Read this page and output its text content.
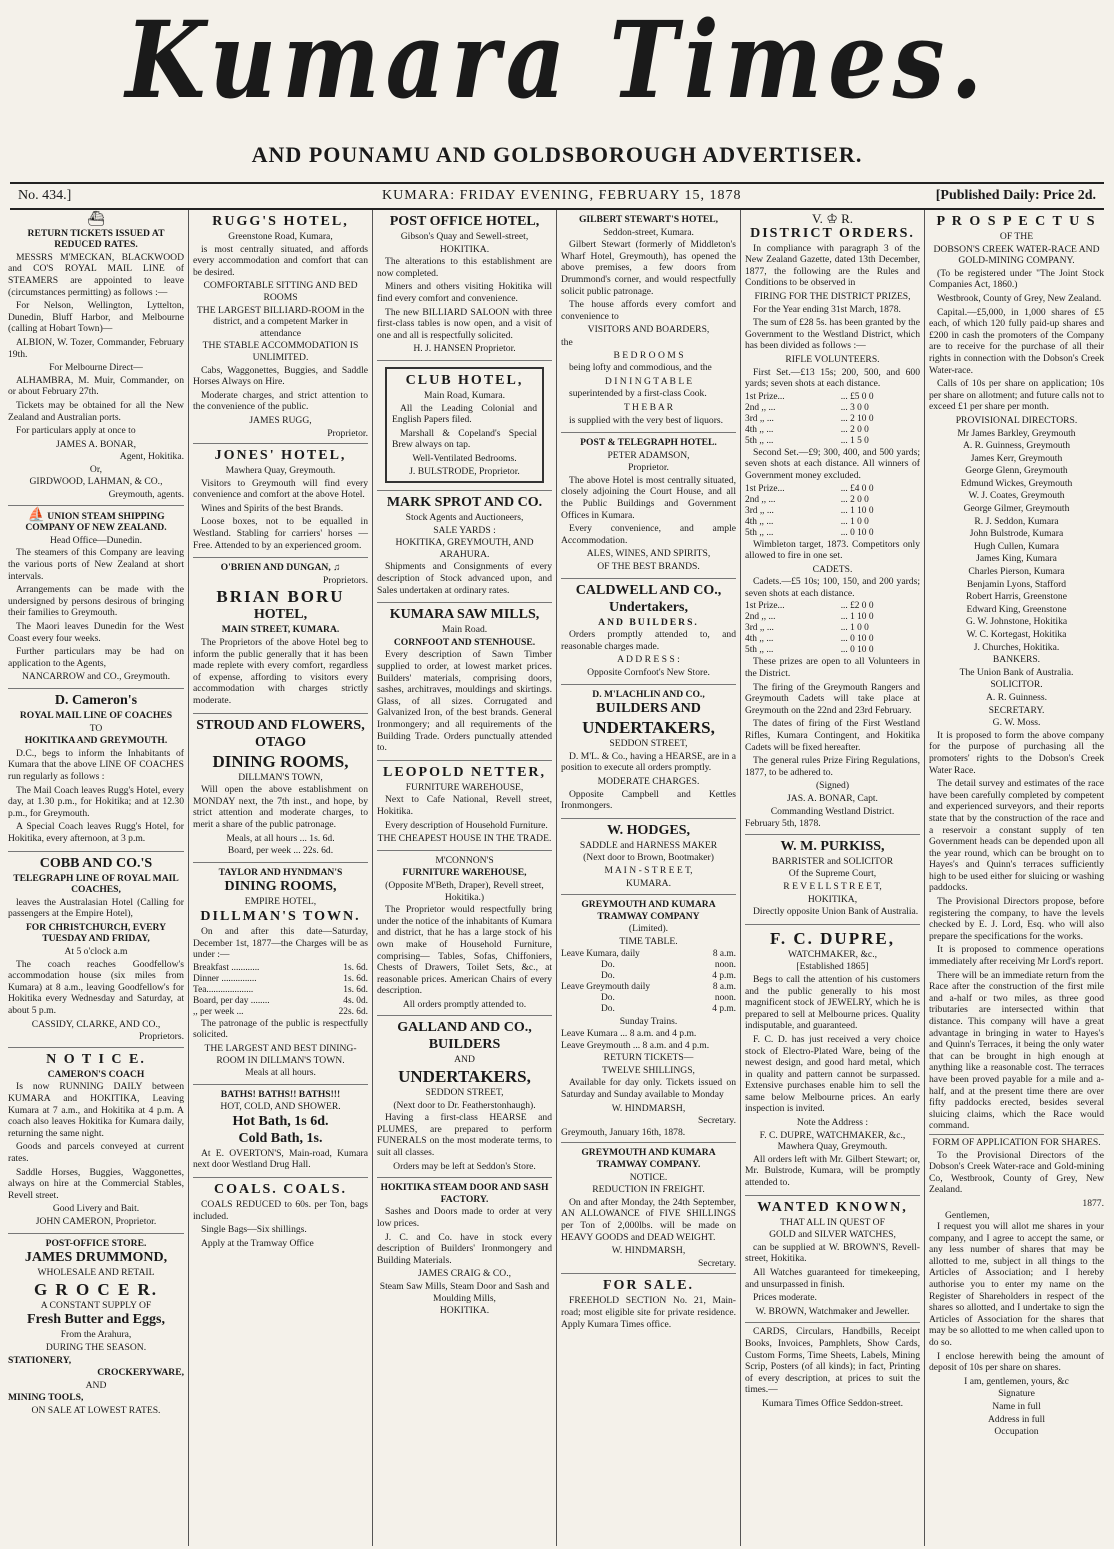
Kumara Times.
AND POUNAMU AND GOLDSBOROUGH ADVERTISER.
No. 434.]	KUMARA: FRIDAY EVENING, FEBRUARY 15, 1878	[Published Daily: Price 2d.
⛴
RETURN TICKETS ISSUED AT REDUCED RATES.

MESSRS M'MECKAN, BLACKWOOD and CO'S ROYAL MAIL LINE of STEAMERS are appointed to leave (circumstances permitting) as follows :—

For Nelson, Wellington, Lyttelton, Dunedin, Bluff Harbor, and Melbourne (calling at Hobart Town)—

ALBION, W. Tozer, Commander, February 19th.

For Melbourne Direct—

ALHAMBRA, M. Muir, Commander, on or about February 27th.

Tickets may be obtained for all the New Zealand and Australian ports.

For particulars apply at once to

JAMES A. BONAR,
Agent, Hokitika.
Or,
GIRDWOOD, LAHMAN, & CO.,
Greymouth, agents.
⛵ UNION STEAM SHIPPING COMPANY OF NEW ZEALAND.
Head Office—Dunedin.

The steamers of this Company are leaving the various ports of New Zealand at short intervals.

Arrangements can be made with the undersigned by persons desirous of bringing their families to Greymouth.

The Maori leaves Dunedin for the West Coast every four weeks.

Further particulars may be had on application to the Agents,

NANCARROW and CO., Greymouth.
D. Cameron's
ROYAL MAIL LINE OF COACHES
TO
HOKITIKA AND GREYMOUTH.

D.C., begs to inform the Inhabitants of Kumara that the above LINE OF COACHES run regularly as follows :

The Mail Coach leaves Rugg's Hotel, every day, at 1.30 p.m., for Hokitika; and at 12.30 p.m., for Greymouth.

A Special Coach leaves Rugg's Hotel, for Hokitika, every afternoon, at 3 p.m.

COBB AND CO.'S
TELEGRAPH LINE OF ROYAL MAIL COACHES,

leaves the Australasian Hotel (Calling for passengers at the Empire Hotel),

FOR CHRISTCHURCH, EVERY TUESDAY AND FRIDAY,
At 5 o'clock a.m

The coach reaches Goodfellow's accommodation house (six miles from Kumara) at 8 a.m., leaving Goodfellow's for Hokitika every Wednesday and Saturday, at about 5 p.m.

CASSIDY, CLARKE, AND CO.,
Proprietors.
N O T I C E.
CAMERON'S COACH

Is now RUNNING DAILY between KUMARA and HOKITIKA, Leaving Kumara at 7 a.m., and Hokitika at 4 p.m. A coach also leaves Hokitika for Kumara daily, returning the same night.

Goods and parcels conveyed at current rates.

Saddle Horses, Buggies, Waggonettes, always on hire at the Commercial Stables, Revell street.

Good Livery and Bait.
JOHN CAMERON, Proprietor.
POST-OFFICE STORE.
JAMES DRUMMOND,
WHOLESALE AND RETAIL
G R O C E R.
A CONSTANT SUPPLY OF
Fresh Butter and Eggs,
From the Arahura,
DURING THE SEASON.
STATIONERY,
CROCKERYWARE,
AND
MINING TOOLS,
ON SALE AT LOWEST RATES.
RUGG'S HOTEL,
Greenstone Road, Kumara,

is most centrally situated, and affords every accommodation and comfort that can be desired.

COMFORTABLE SITTING AND BED ROOMS
THE LARGEST BILLIARD-ROOM in the district, and a competent Marker in attendance
THE STABLE ACCOMMODATION IS UNLIMITED.

Cabs, Waggonettes, Buggies, and Saddle Horses Always on Hire.

Moderate charges, and strict attention to the convenience of the public.

JAMES RUGG,
Proprietor.
JONES' HOTEL,
Mawhera Quay, Greymouth.

Visitors to Greymouth will find every convenience and comfort at the above Hotel.

Wines and Spirits of the best Brands.

Loose boxes, not to be equalled in Westland. Stabling for carriers' horses —Free. Attended to by an experienced groom.

O'BRIEN AND DUNGAN, ♫
Proprietors.
BRIAN BORU
HOTEL,
MAIN STREET, KUMARA.

The Proprietors of the above Hotel beg to inform the public generally that it has been made replete with every comfort, regardless of expense, affording to visitors every accommodation with charges strictly moderate.

STROUD AND FLOWERS,
OTAGO
DINING ROOMS,
DILLMAN'S TOWN,

Will open the above establishment on MONDAY next, the 7th inst., and hope, by strict attention and moderate charges, to merit a share of the public patronage.

Meals, at all hours ... 1s. 6d.
Board, per week ... 22s. 6d.
TAYLOR AND HYNDMAN'S
DINING ROOMS,
EMPIRE HOTEL,
DILLMAN'S TOWN.

On and after this date—Saturday, December 1st, 1877—the Charges will be as under :—

Breakfast ............	1s. 6d.
Dinner ...............	1s. 6d.
Tea....................	1s. 6d.
Board, per day ........	4s. 0d.
,, per week ...	22s. 6d.

The patronage of the public is respectfully solicited.

THE LARGEST AND BEST DINING-ROOM IN DILLMAN'S TOWN.
Meals at all hours.
BATHS! BATHS!! BATHS!!!
HOT, COLD, AND SHOWER.
Hot Bath, 1s 6d.
Cold Bath, 1s.

At E. OVERTON'S, Main-road, Kumara next door Westland Drug Hall.

COALS. COALS.

COALS REDUCED to 60s. per Ton, bags included.

Single Bags—Six shillings.

Apply at the Tramway Office

POST OFFICE HOTEL,
Gibson's Quay and Sewell-street,
HOKITIKA.

The alterations to this establishment are now completed.

Miners and others visiting Hokitika will find every comfort and convenience.

The new BILLIARD SALOON with three first-class tables is now open, and a visit of one and all is respectfully solicited.

H. J. HANSEN Proprietor.
CLUB HOTEL,
Main Road, Kumara.

All the Leading Colonial and English Papers filed.

Marshall & Copeland's Special Brew always on tap.

Well-Ventilated Bedrooms.
J. BULSTRODE, Proprietor.
MARK SPROT AND CO.
Stock Agents and Auctioneers,
SALE YARDS :
HOKITIKA, GREYMOUTH, AND ARAHURA.

Shipments and Consignments of every description of Stock advanced upon, and Sales undertaken at ordinary rates.

KUMARA SAW MILLS,
Main Road.
CORNFOOT AND STENHOUSE.

Every description of Sawn Timber supplied to order, at lowest market prices. Builders' materials, comprising doors, sashes, architraves, mouldings and skirtings. Glass, of all sizes. Corrugated and Galvanized Iron, of the best brands. General Ironmongery; and all requirements of the Building Trade. Orders punctually attended to.

LEOPOLD NETTER,
FURNITURE WAREHOUSE,

Next to Cafe National, Revell street, Hokitika.

Every description of Household Furniture.

THE CHEAPEST HOUSE IN THE TRADE.
M'CONNON'S
FURNITURE WAREHOUSE,
(Opposite M'Beth, Draper), Revell street, Hokitika.)

The Proprietor would respectfully bring under the notice of the inhabitants of Kumara and district, that he has a large stock of his own make of Household Furniture, comprising— Tables, Sofas, Chiffoniers, Chests of Drawers, Toilet Sets, &c., at reasonable prices. American Chairs of every description.

All orders promptly attended to.
GALLAND AND CO.,
BUILDERS
AND
UNDERTAKERS,
SEDDON STREET,
(Next door to Dr. Featherstonhaugh).

Having a first-class HEARSE and PLUMES, are prepared to perform FUNERALS on the most moderate terms, to suit all classes.

Orders may be left at Seddon's Store.
HOKITIKA STEAM DOOR AND SASH FACTORY.

Sashes and Doors made to order at very low prices.

J. C. and Co. have in stock every description of Builders' Ironmongery and Building Materials.

JAMES CRAIG & CO.,
Steam Saw Mills, Steam Door and Sash and Moulding Mills,
HOKITIKA.
GILBERT STEWART'S HOTEL,
Seddon-street, Kumara.

Gilbert Stewart (formerly of Middleton's Wharf Hotel, Greymouth), has opened the above premises, a few doors from Drummond's corner, and would respectfully solicit public patronage.

The house affords every comfort and convenience to

VISITORS AND BOARDERS,
the
B E D R O O M S

being lofty and commodious, and the

D I N I N G T A B L E

superintended by a first-class Cook.

T H E B A R

is supplied with the very best of liquors.

POST & TELEGRAPH HOTEL.
PETER ADAMSON,
Proprietor.

The above Hotel is most centrally situated, closely adjoining the Court House, and all the Public Buildings and Government Offices in Kumara.

Every convenience, and ample Accommodation.

ALES, WINES, AND SPIRITS,
OF THE BEST BRANDS.
CALDWELL AND CO.,
Undertakers,
AND BUILDERS.

Orders promptly attended to, and reasonable charges made.

A D D R E S S :
Opposite Cornfoot's New Store.
D. M'LACHLIN AND CO.,
BUILDERS AND
UNDERTAKERS,
SEDDON STREET,

D. M'L. & Co., having a HEARSE, are in a position to execute all orders promptly.

MODERATE CHARGES.

Opposite Campbell and Kettles Ironmongers.

W. HODGES,
SADDLE and HARNESS MAKER
(Next door to Brown, Bootmaker)
M A I N - S T R E E T,
KUMARA.
GREYMOUTH AND KUMARA TRAMWAY COMPANY
(Limited).
TIME TABLE.
Leave Kumara, daily	8 a.m.
Do.	noon.
Do.	4 p.m.
Leave Greymouth daily	8 a.m.
Do.	noon.
Do.	4 p.m.
Sunday Trains.
Leave Kumara ... 8 a.m. and 4 p.m.
Leave Greymouth ... 8 a.m. and 4 p.m.
RETURN TICKETS—
TWELVE SHILLINGS,

Available for day only. Tickets issued on Saturday and Sunday available to Monday

W. HINDMARSH,
Secretary.
Greymouth, January 16th, 1878.
GREYMOUTH AND KUMARA TRAMWAY COMPANY.
NOTICE.
REDUCTION IN FREIGHT.

On and after Monday, the 24th September, AN ALLOWANCE of FIVE SHILLINGS per Ton of 2,000lbs. will be made on HEAVY GOODS and DEAD WEIGHT.

W. HINDMARSH,
Secretary.
FOR SALE.

FREEHOLD SECTION No. 21, Main-road; most eligible site for private residence. Apply Kumara Times office.

V. ♔ R.
DISTRICT ORDERS.

In compliance with paragraph 3 of the New Zealand Gazette, dated 13th December, 1877, the following are the Rules and Conditions to be observed in

FIRING FOR THE DISTRICT PRIZES,

For the Year ending 31st March, 1878.

The sum of £28 5s. has been granted by the Government to the Westland District, which has been divided as follows :—

RIFLE VOLUNTEERS.

First Set.—£13 15s; 200, 500, and 600 yards; seven shots at each distance.

1st Prize...	... £5 0 0
2nd ,, ...	... 3 0 0
3rd ,, ...	... 2 10 0
4th ,, ...	... 2 0 0
5th ,, ...	... 1 5 0

Second Set.—£9; 300, 400, and 500 yards; seven shots at each distance. All winners of Government money excluded.

1st Prize...	... £4 0 0
2nd ,, ...	... 2 0 0
3rd ,, ...	... 1 10 0
4th ,, ...	... 1 0 0
5th ,, ...	... 0 10 0

Wimbleton target, 1873. Competitors only allowed to fire in one set.

CADETS.

Cadets.—£5 10s; 100, 150, and 200 yards; seven shots at each distance.

1st Prize...	... £2 0 0
2nd ,, ...	... 1 10 0
3rd ,, ...	... 1 0 0
4th ,, ...	... 0 10 0
5th ,, ...	... 0 10 0

These prizes are open to all Volunteers in the District.

The firing of the Greymouth Rangers and Greymouth Cadets will take place at Greymouth on the 22nd and 23rd February.

The dates of firing of the First Westland Rifles, Kumara Contingent, and Hokitika Cadets will be fixed hereafter.

The general rules Prize Firing Regulations, 1877, to be adhered to.

(Signed)
JAS. A. BONAR, Capt.
Commanding Westland District.
February 5th, 1878.
W. M. PURKISS,
BARRISTER and SOLICITOR
Of the Supreme Court,
R E V E L L S T R E E T,
HOKITIKA,

Directly opposite Union Bank of Australia.

F. C. DUPRE,
WATCHMAKER, &c.,
[Established 1865]

Begs to call the attention of his customers and the public generally to his most magnificent stock of JEWELRY, which he is prepared to sell at Melbourne prices. Quality indisputable, and guaranteed.

F. C. D. has just received a very choice stock of Electro-Plated Ware, being of the newest design, and good hard metal, which in quality and pattern cannot be surpassed. Extensive purchases enable him to sell the same below Melbourne prices. An early inspection is invited.

Note the Address :
F. C. DUPRE, WATCHMAKER, &c., Mawhera Quay, Greymouth.

All orders left with Mr. Gilbert Stewart; or, Mr. Bulstrode, Kumara, will be promptly attended to.

WANTED KNOWN,
THAT ALL IN QUEST OF
GOLD and SILVER WATCHES,

can be supplied at W. BROWN'S, Revell-street, Hokitika.

All Watches guaranteed for timekeeping, and unsurpassed in finish.

Prices moderate.

W. BROWN, Watchmaker and Jeweller.

CARDS, Circulars, Handbills, Receipt Books, Invoices, Pamphlets, Show Cards, Custom Forms, Time Sheets, Labels, Mining Scrip, Posters (of all kinds); in fact, Printing of every description, at prices to suit the times.—

Kumara Times Office Seddon-street.
P R O S P E C T U S
OF THE
DOBSON'S CREEK WATER-RACE AND GOLD-MINING COMPANY.

(To be registered under "The Joint Stock Companies Act, 1860.)

Westbrook, County of Grey, New Zealand.

Capital.—£5,000, in 1,000 shares of £5 each, of which 120 fully paid-up shares and £200 in cash the promoters of the Company are to receive for the purchase of all their rights in connection with the Dobson's Creek Water-race.

Calls of 10s per share on application; 10s per share on allotment; and future calls not to exceed £1 per share per month.

PROVISIONAL DIRECTORS.
Mr James Barkley, Greymouth
A. R. Guinness, Greymouth
James Kerr, Greymouth
George Glenn, Greymouth
Edmund Wickes, Greymouth
W. J. Coates, Greymouth
George Gilmer, Greymouth
R. J. Seddon, Kumara
John Bulstrode, Kumara
Hugh Cullen, Kumara
James King, Kumara
Charles Pierson, Kumara
Benjamin Lyons, Stafford
Robert Harris, Greenstone
Edward King, Greenstone
G. W. Johnstone, Hokitika
W. C. Kortegast, Hokitika
J. Churches, Hokitika.
BANKERS.
The Union Bank of Australia.
SOLICITOR.
A. R. Guinness.
SECRETARY.
G. W. Moss.

It is proposed to form the above company for the purpose of purchasing all the promoters' rights to the Dobson's Creek Water Race.

The detail survey and estimates of the race have been carefully completed by competent and experienced surveyors, and their reports state that by the construction of the race and a reservoir a constant supply of ten Government heads can be depended upon all the year round, which can be brought on to Hayes's and Quinn's terraces sufficiently high to be used either for sluicing or washing paddocks.

The Provisional Directors propose, before registering the company, to have the levels checked by E. J. Lord, Esq. who will also prepare the specifications for the works.

It is proposed to commence operations immediately after receiving Mr Lord's report.

There will be an immediate return from the Race after the construction of the first mile and a-half or two miles, as three good tributaries are intersected within that distance. This company will have a great advantage in bringing in water to Hayes's and Quinn's Terraces, it being the only water that can be brought in high enough at anything like a reasonable cost. The terraces have been proved payable for a mile and a-half, and at the present time there are over fifty paddocks erected, besides several sluicing claims, which the Race would command.

FORM OF APPLICATION FOR SHARES.

To the Provisional Directors of the Dobson's Creek Water-race and Gold-mining Co, Westbrook, County of Grey, New Zealand.

1877.
Gentlemen,

I request you will allot me shares in your company, and I agree to accept the same, or any less number of shares that may be allotted to me, subject in all things to the Articles of Association; and I hereby authorise you to enter my name on the Register of Shareholders in respect of the shares so allotted, and I undertake to sign the Articles of Association for the shares that may be so allotted to me when called upon to do so.

I enclose herewith being the amount of deposit of 10s per share on shares.

I am, gentlemen, yours, &c
Signature
Name in full
Address in full
Occupation
